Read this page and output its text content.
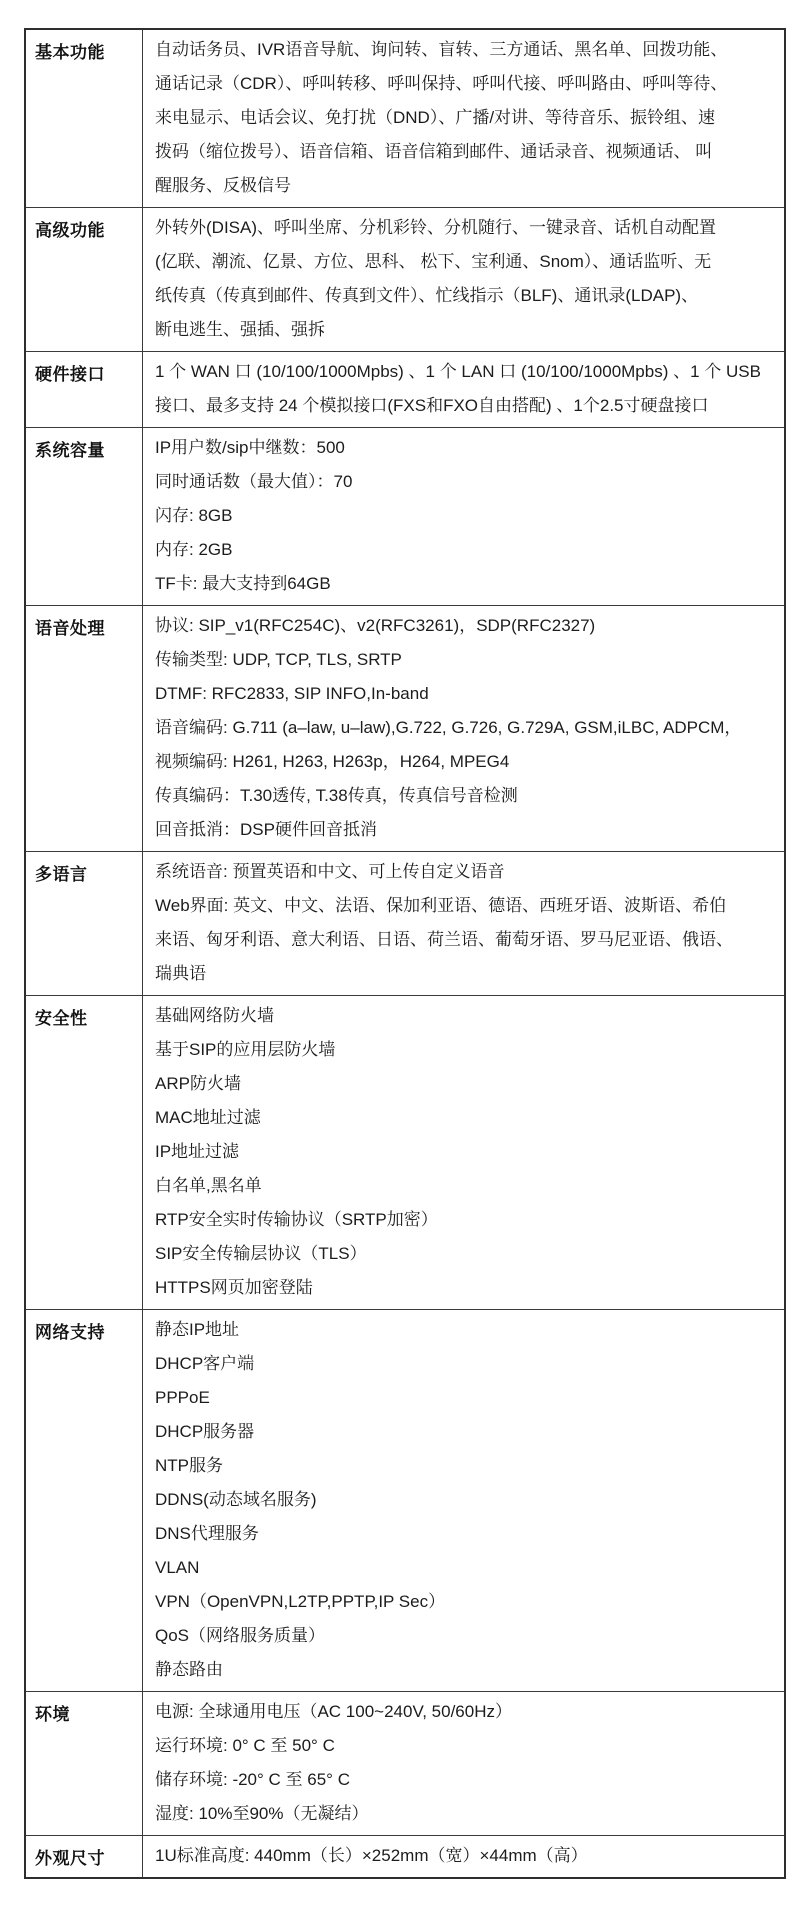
基本功能	自动话务员、IVR语音导航、询问转、盲转、三方通话、黑名单、回拨功能、
通话记录（CDR）、呼叫转移、呼叫保持、呼叫代接、呼叫路由、呼叫等待、
来电显示、电话会议、免打扰（DND）、广播/对讲、等待音乐、振铃组、速
拨码（缩位拨号）、语音信箱、语音信箱到邮件、通话录音、视频通话、 叫
醒服务、反极信号

高级功能	外转外(DISA)、呼叫坐席、分机彩铃、分机随行、一键录音、话机自动配置
(亿联、潮流、亿景、方位、思科、 松下、宝利通、Snom）、通话监听、无
纸传真（传真到邮件、传真到文件）、忙线指示（BLF)、通讯录(LDAP)、
断电逃生、强插、强拆

硬件接口	1 个 WAN 口 (10/100/1000Mpbs) 、1 个 LAN 口 (10/100/1000Mpbs) 、1 个 USB
接口、最多支持 24 个模拟接口(FXS和FXO自由搭配) 、1个2.5寸硬盘接口

系统容量	IP用户数/sip中继数：500
同时通话数（最大值）：70
闪存: 8GB
内存: 2GB
TF卡: 最大支持到64GB

语音处理	协议: SIP_v1(RFC254C)、v2(RFC3261)，SDP(RFC2327)
传输类型: UDP, TCP, TLS, SRTP
DTMF: RFC2833, SIP INFO,In-band
语音编码: G.711 (a–law, u–law),G.722, G.726, G.729A, GSM,iLBC, ADPCM，
视频编码: H261, H263, H263p，H264, MPEG4
传真编码：T.30透传, T.38传真，传真信号音检测
回音抵消：DSP硬件回音抵消

多语言	系统语音: 预置英语和中文、可上传自定义语音
Web界面: 英文、中文、法语、保加利亚语、德语、西班牙语、波斯语、希伯
来语、匈牙利语、意大利语、日语、荷兰语、葡萄牙语、罗马尼亚语、俄语、
瑞典语

安全性	基础网络防火墙
基于SIP的应用层防火墙
ARP防火墙
MAC地址过滤
IP地址过滤
白名单,黑名单
RTP安全实时传输协议（SRTP加密）
SIP安全传输层协议（TLS）
HTTPS网页加密登陆

网络支持	静态IP地址
DHCP客户端
PPPoE
DHCP服务器
NTP服务
DDNS(动态域名服务)
DNS代理服务
VLAN
VPN（OpenVPN,L2TP,PPTP,IP Sec）
QoS（网络服务质量）
静态路由

环境	电源: 全球通用电压（AC 100~240V, 50/60Hz）
运行环境: 0° C 至 50° C
储存环境: -20° C 至 65° C
湿度: 10%至90%（无凝结）

外观尺寸	1U标准高度: 440mm（长）×252mm（宽）×44mm（高）
